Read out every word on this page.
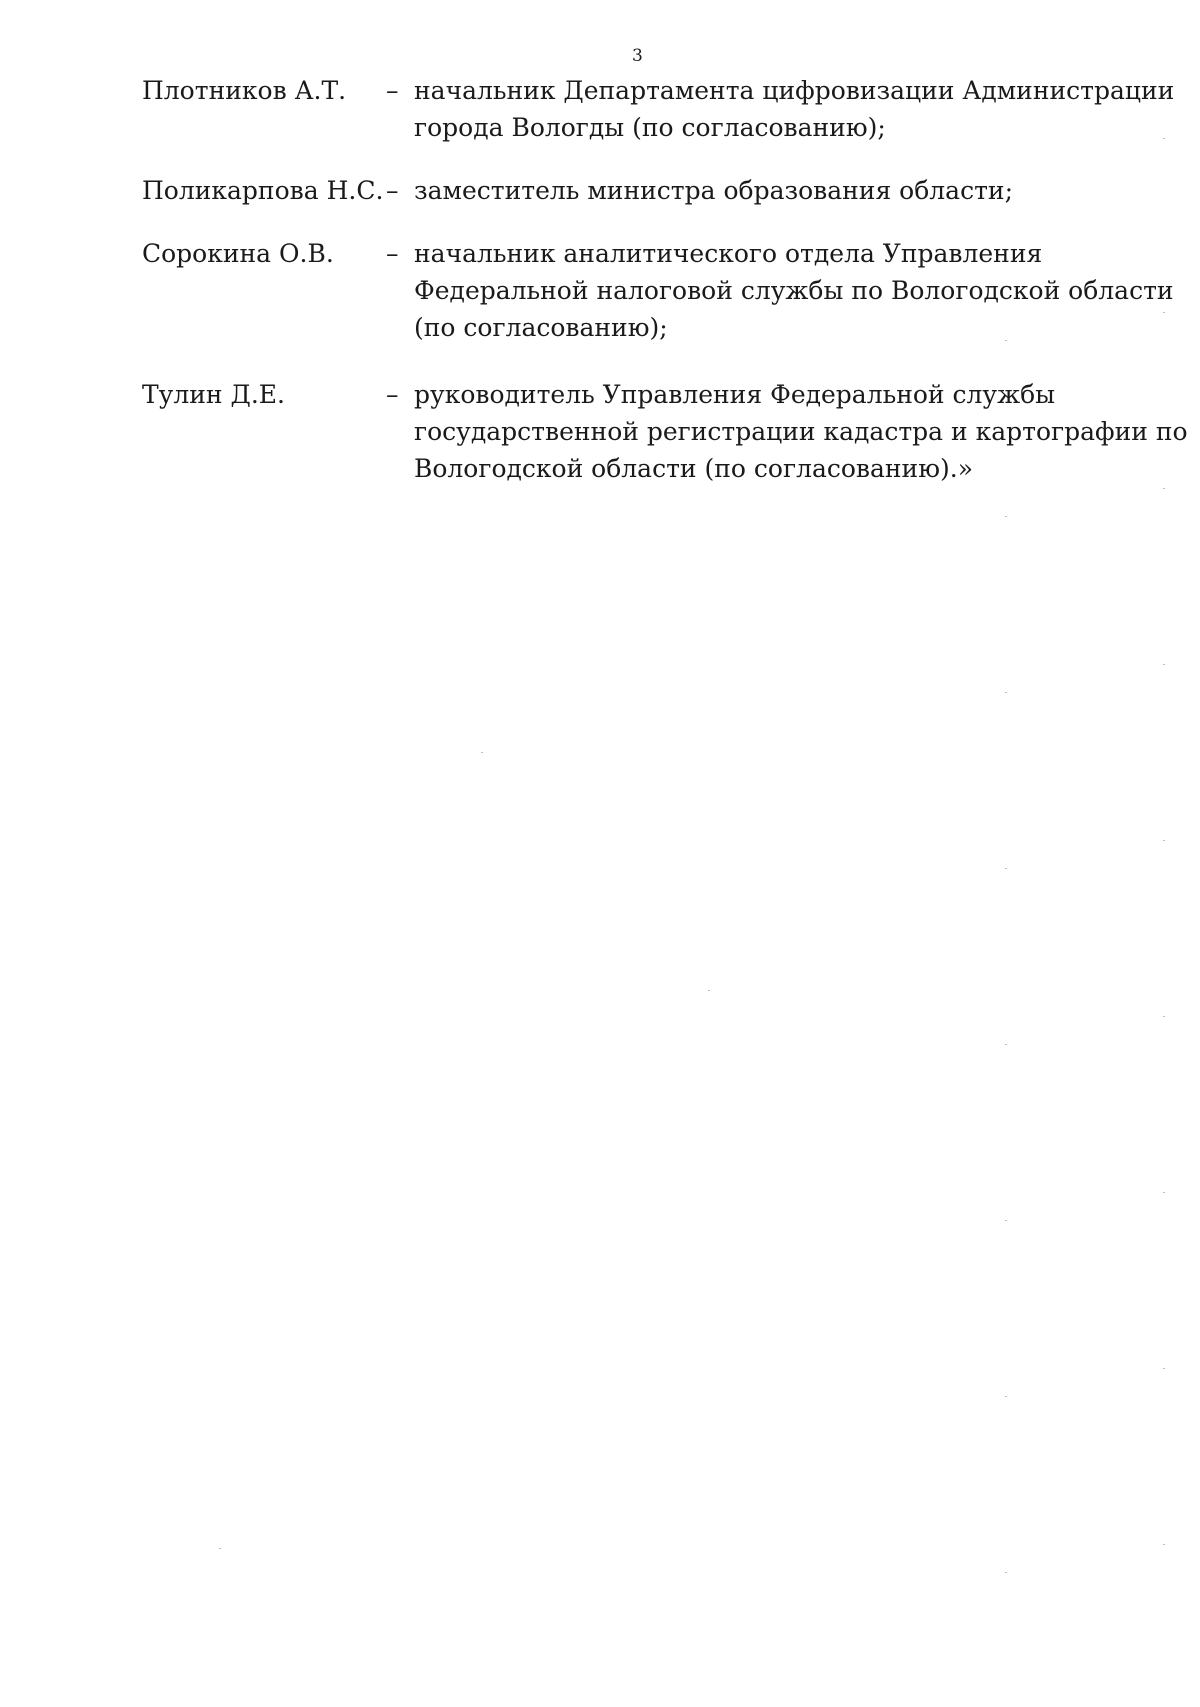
3
Плотников А.Т.	– начальник Департамента цифровизации Администрации
города Вологды (по согласованию);
Поликарпова Н.С. – заместитель министра образования области;
Сорокина О.В.	– начальник аналитического отдела Управления
Федеральной налоговой службы по Вологодской области
(по согласованию);
Тулин Д.Е.	– руководитель Управления Федеральной службы
государственной регистрации кадастра и картографии по
Вологодской области (по согласованию).»
